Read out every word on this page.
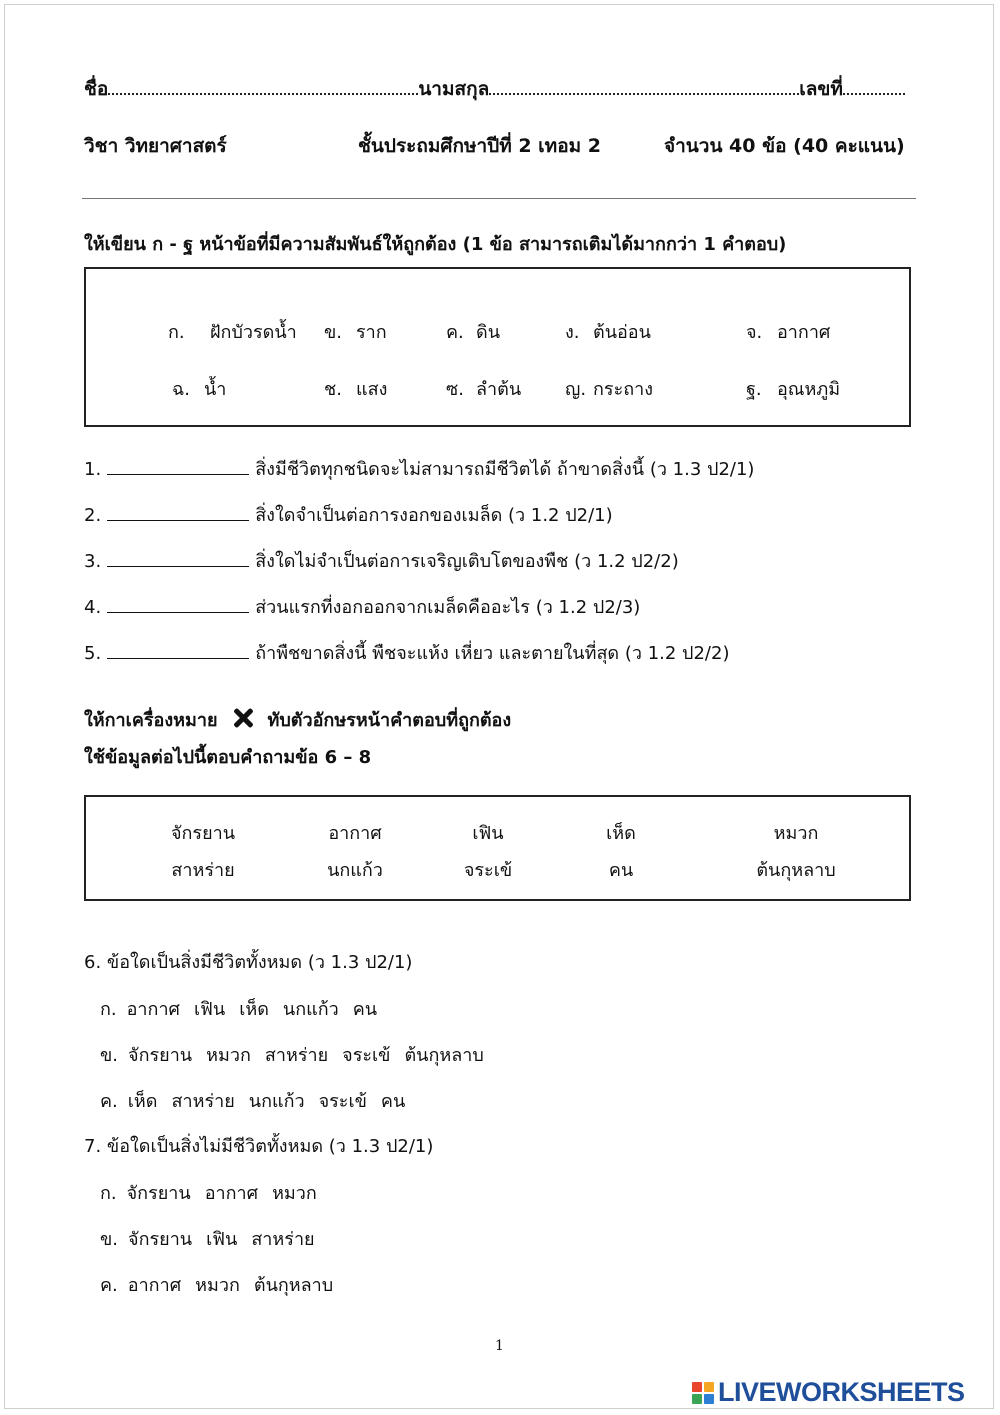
ชื่อ	นามสกุล	เลขที่
วิชา วิทยาศาสตร์	ชั้นประถมศึกษาปีที่ 2 เทอม 2	จำนวน 40 ข้อ (40 คะแนน)
ให้เขียน ก - ฐ หน้าข้อที่มีความสัมพันธ์ให้ถูกต้อง (1 ข้อ สามารถเติมได้มากกว่า 1 คำตอบ)
ก. ฝักบัวรดน้ำ ข. ราก	ค. ดิน	ง. ต้นอ่อน	จ. อากาศ
ฉ. น้ำ	ช. แสง	ซ. ลำต้น ญ. กระถาง	ฐ. อุณหภูมิ
1.	สิ่งมีชีวิตทุกชนิดจะไม่สามารถมีชีวิตได้ ถ้าขาดสิ่งนี้ (ว 1.3 ป2/1)
2.	สิ่งใดจำเป็นต่อการงอกของเมล็ด (ว 1.2 ป2/1)
3.	สิ่งใดไม่จำเป็นต่อการเจริญเติบโตของพืช (ว 1.2 ป2/2)
4.	ส่วนแรกที่งอกออกจากเมล็ดคืออะไร (ว 1.2 ป2/3)
5.	ถ้าพืชขาดสิ่งนี้ พืชจะแห้ง เหี่ยว และตายในที่สุด (ว 1.2 ป2/2)
ให้กาเครื่องหมาย	ทับตัวอักษรหน้าคำตอบที่ถูกต้อง
ใช้ข้อมูลต่อไปนี้ตอบคำถามข้อ 6 – 8
จักรยาน	อากาศ	เฟิน	เห็ด	หมวก
สาหร่าย	นกแก้ว	จระเข้	คน	ต้นกุหลาบ
6. ข้อใดเป็นสิ่งมีชีวิตทั้งหมด (ว 1.3 ป2/1)
ก. อากาศ เฟิน เห็ด นกแก้ว คน
ข. จักรยาน หมวก สาหร่าย จระเข้ ต้นกุหลาบ
ค. เห็ด สาหร่าย นกแก้ว จระเข้ คน
7. ข้อใดเป็นสิ่งไม่มีชีวิตทั้งหมด (ว 1.3 ป2/1)
ก. จักรยาน อากาศ หมวก
ข. จักรยาน เฟิน สาหร่าย
ค. อากาศ หมวก ต้นกุหลาบ
1
LIVEWORKSHEETS
